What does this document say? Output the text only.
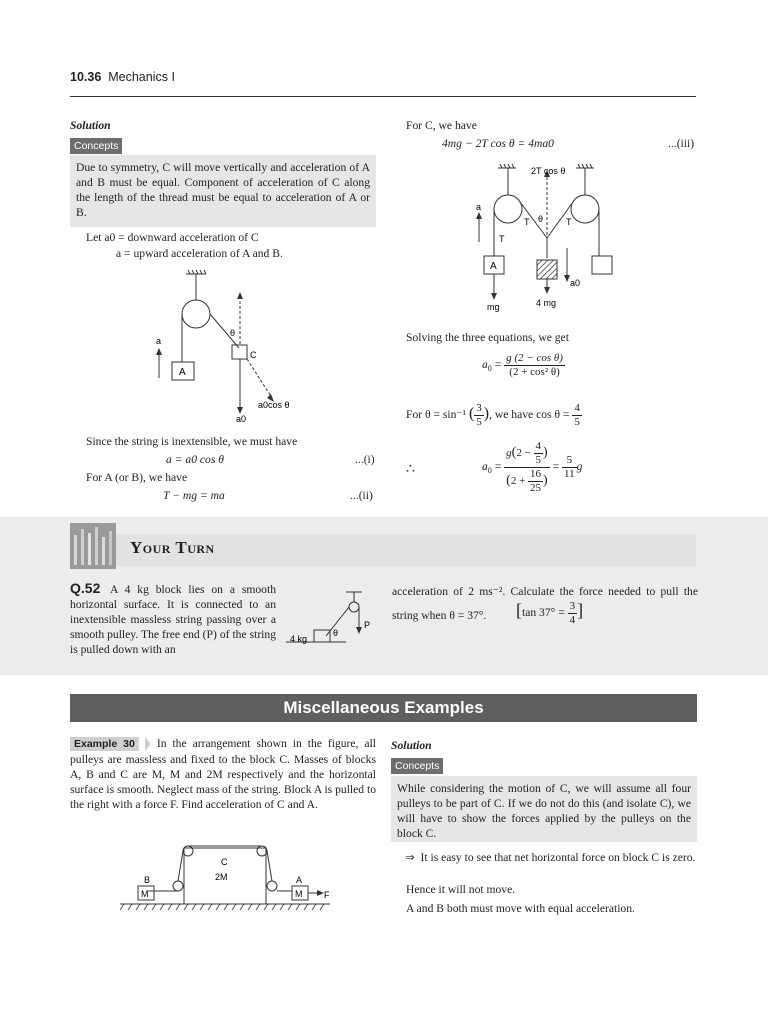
10.36 Mechanics I
Solution
Concepts
Due to symmetry, C will move vertically and acceleration of A and B must be equal. Component of acceleration of C along the length of the thread must be equal to acceleration of A or B.
Let a0 = downward acceleration of C
a = upward acceleration of A and B.
a
A
θ
C
a0
a0cos θ
Since the string is inextensible, we must have
a = a0 cos θ	...(i)
For A (or B), we have
T − mg = ma	...(ii)
For C, we have
4mg − 2T cos θ = 4ma0	...(iii)
2T cos θ
a
T
T	T
θ
A
mg	4 mg
a0
Solving the three equations, we get
$a_0 = \frac{\text{g (2 − cos θ)}}{\text{(2 + cos² θ)}}$
For θ = sin⁻¹ ( $\frac{3}{5}$ ), we have $\cos \theta = \frac{4}{5}$
∴	$a_0 = \frac{g(2 - \frac{4}{5} )}{(2 + \frac{16}{25} )} = \frac{5}{11}$ g
Your Turn
Q.52 A 4 kg block lies on a smooth horizontal surface. It is connected to an inextensible massless string passing over a smooth pulley. The free end (P) of the string is pulled down with an
4 kg
θ
P
acceleration of 2 ms⁻². Calculate the force needed to pull the string when θ = 37°.	[tan $37^\circ = \frac{3}{4}$ ]
Miscellaneous Examples
Example 30 In the arrangement shown in the figure, all pulleys are massless and fixed to the block C. Masses of blocks A, B and C are M, M and 2M respectively and the horizontal surface is smooth. Neglect mass of the string. Block A is pulled to the right with a force F. Find acceleration of C and A.
C
2M
B	A
M	M F
Solution
Concepts
While considering the motion of C, we will assume all four pulleys to be part of C. If we do not do this (and isolate C), we will have to show the forces applied by the pulleys on the block C.
⇒ It is easy to see that net horizontal force on block C is zero.
Hence it will not move.
A and B both must move with equal acceleration.
